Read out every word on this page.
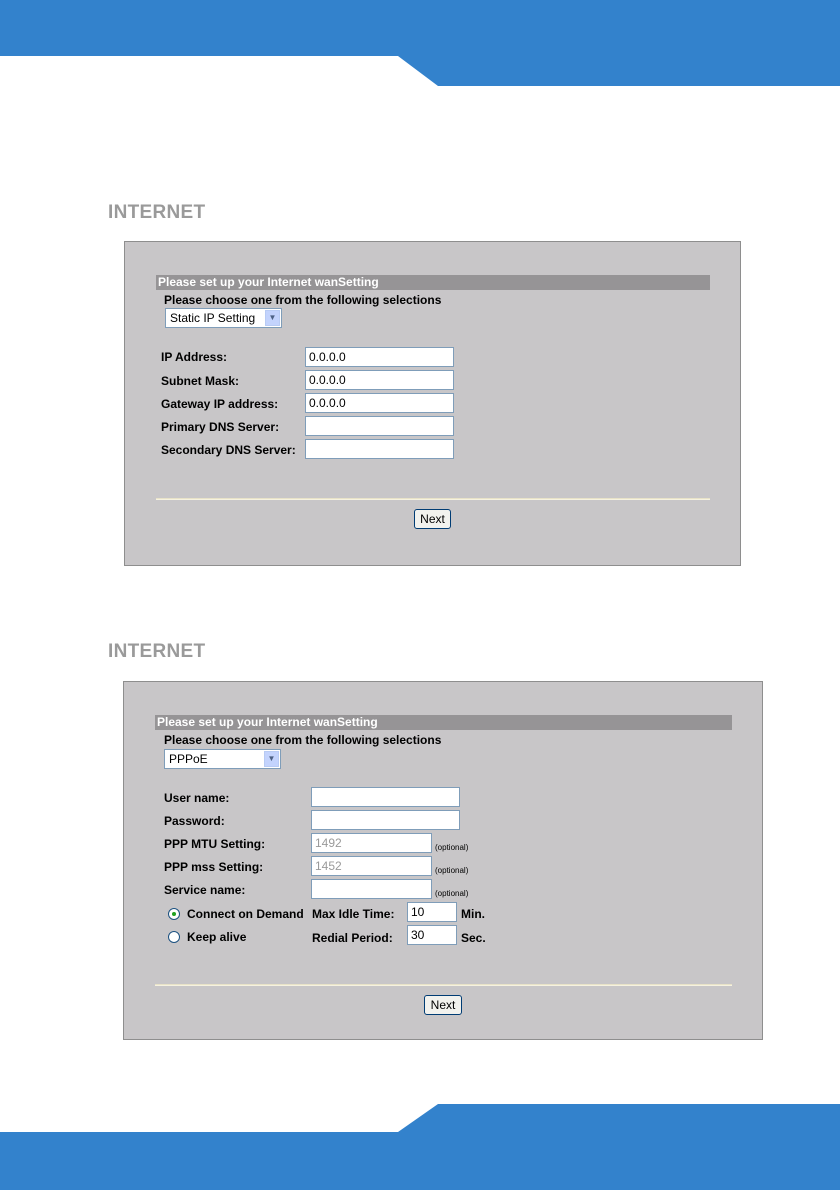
INTERNET
Please set up your Internet wanSetting
Please choose one from the following selections
Static IP Setting	▼
IP Address:	0.0.0.0
Subnet Mask:	0.0.0.0
Gateway IP address:	0.0.0.0
Primary DNS Server:
Secondary DNS Server:
Next
INTERNET
Please set up your Internet wanSetting
Please choose one from the following selections
PPPoE	▼
User name:
Password:
PPP MTU Setting:	1492	(optional)
PPP mss Setting:	1452	(optional)
Service name:	(optional)
Connect on Demand Max Idle Time:	10	Min.
Keep alive	Redial Period:	30	Sec.
Next
